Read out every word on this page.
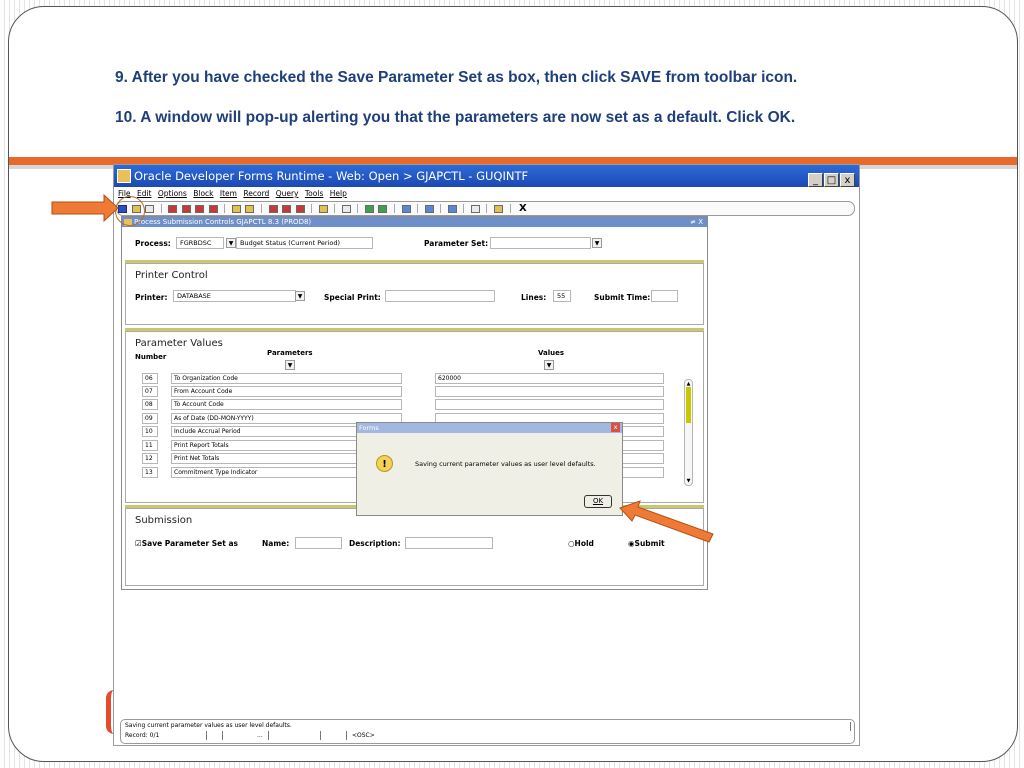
9. After you have checked the Save Parameter Set as box, then click SAVE from toolbar icon.
10. A window will pop-up alerting you that the parameters are now set as a default. Click OK.
Oracle Developer Forms Runtime - Web: Open > GJAPCTL - GUQINTF	_ □ x
File Edit Options Block Item Record Query Tools Help
X
Process Submission Controls GJAPCTL 8.3 (PROD8)	≠ X
Process:	FGRBDSC	▼	Budget Status (Current Period)	Parameter Set:	▼
Printer Control
Printer:	DATABASE	▼	Special Print:	Lines:	55	Submit Time:
Parameter Values
Number	Parameters
▼
Values
▼
06	To Organization Code	620000
07	From Account Code
08	To Account Code
09	As of Date (DD-MON-YYYY)
10	Include Accrual Period
11	Print Report Totals
12	Print Net Totals
13	Commitment Type Indicator
Submission
☑Save Parameter Set as	Name:	Description:	○Hold	◉Submit
▲
▼
Forms	x
!	Saving current parameter values as user level defaults.
OK
Saving current parameter values as user level defaults.
Record: 0/1	...	<OSC>
